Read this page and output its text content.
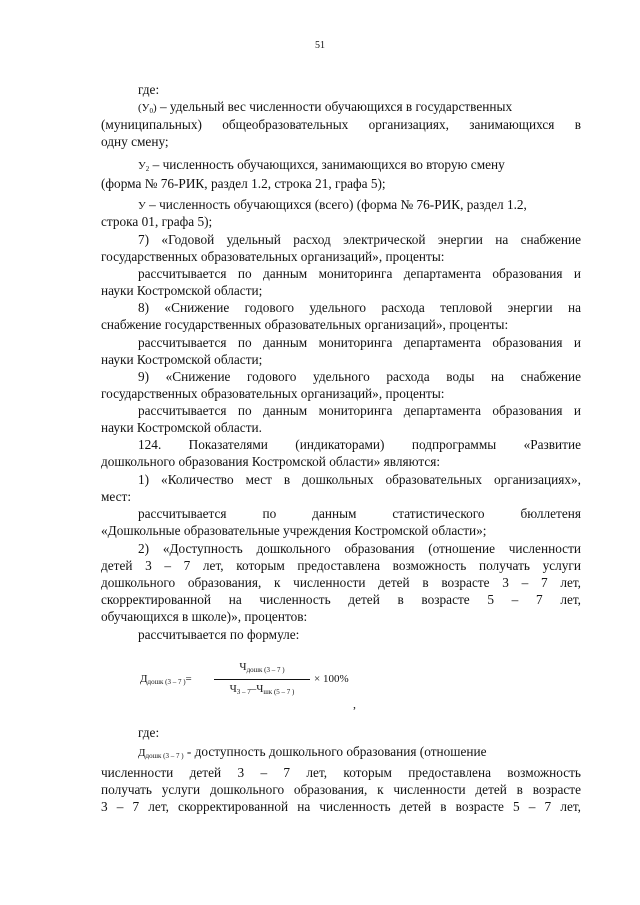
51
где:
$(У_0)$ – удельный вес численности обучающихся в государственных
(муниципальных) общеобразовательных организациях, занимающихся в
одну смену;
$У_2$ – численность обучающихся, занимающихся во вторую смену
(форма № 76-РИК, раздел 1.2, строка 21, графа 5);
У – численность обучающихся (всего) (форма № 76-РИК, раздел 1.2,
строка 01, графа 5);
7) «Годовой удельный расход электрической энергии на снабжение
государственных образовательных организаций», проценты:
рассчитывается по данным мониторинга департамента образования и
науки Костромской области;
8) «Снижение годового удельного расхода тепловой энергии на
снабжение государственных образовательных организаций», проценты:
рассчитывается по данным мониторинга департамента образования и
науки Костромской области;
9) «Снижение годового удельного расхода воды на снабжение
государственных образовательных организаций», проценты:
рассчитывается по данным мониторинга департамента образования и
науки Костромской области.
124. Показателями (индикаторами) подпрограммы «Развитие
дошкольного образования Костромской области» являются:
1) «Количество мест в дошкольных образовательных организациях»,
мест:
рассчитывается по данным статистического бюллетеня
«Дошкольные образовательные учреждения Костромской области»;
2) «Доступность дошкольного образования (отношение численности
детей 3 – 7 лет, которым предоставлена возможность получать услуги
дошкольного образования, к численности детей в возрасте 3 – 7 лет,
скорректированной на численность детей в возрасте 5 – 7 лет,
обучающихся в школе)», процентов:
рассчитывается по формуле:
$Д_{дошк (3 - 7 )}=$
$Ч_{дошк (3 - 7 )}$
$Ч_{3 - 7}-Ч_{шк (5 - 7 )}$
× 100%
,
где:
$Д_{дошк (3 - 7 )}$ - доступность дошкольного образования (отношение
численности детей 3 – 7 лет, которым предоставлена возможность
получать услуги дошкольного образования, к численности детей в возрасте
3 – 7 лет, скорректированной на численность детей в возрасте 5 – 7 лет,
